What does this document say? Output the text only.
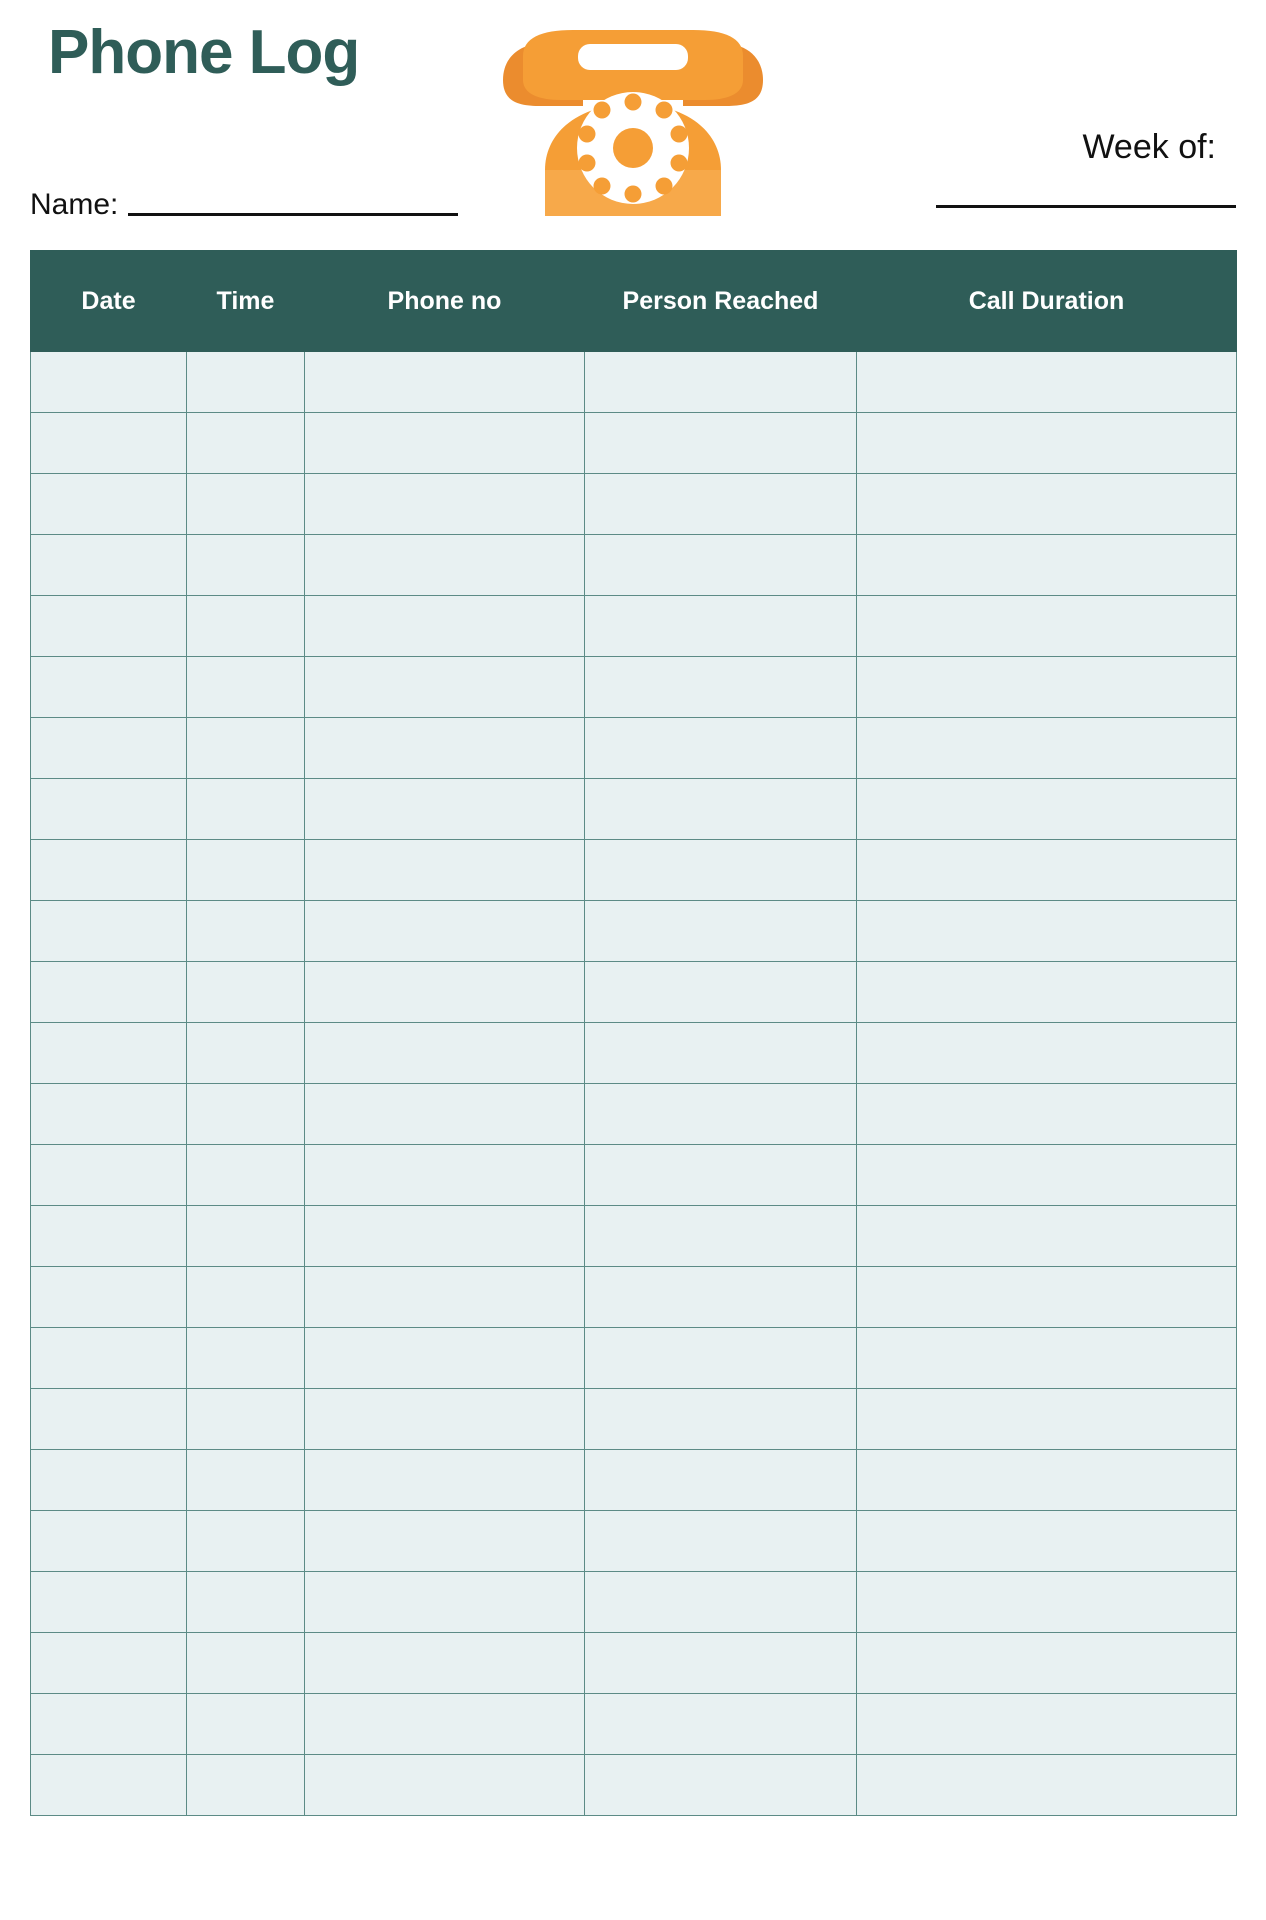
Phone Log
Name:
Week of:
Date	Time	Phone no	Person Reached	Call Duration
